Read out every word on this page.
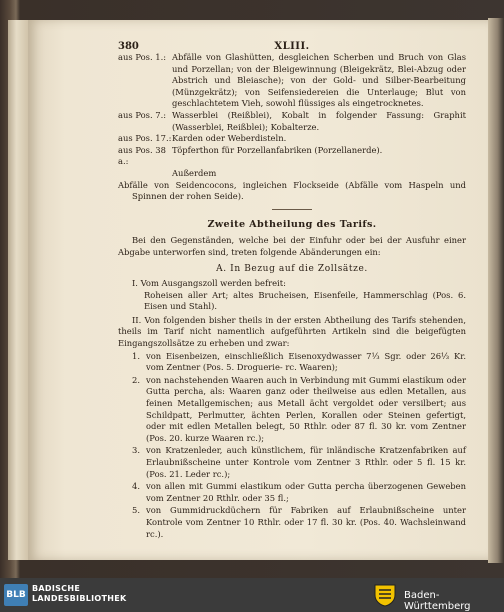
380	XLIII.
aus Pos. 1.: Abfälle von Glashütten, desgleichen Scherben und Bruch von Glas und Porzellan; von der Bleigewinnung (Bleigekrätz, Blei-Abzug oder Abstrich und Bleiasche); von der Gold- und Silber-Bearbeitung (Münzgekrätz); von Seifensiedereien die Unterlauge; Blut von geschlachtetem Vieh, sowohl flüssiges als eingetrocknetes.
aus Pos. 7.: Wasserblei (Reißblei), Kobalt in folgender Fassung: Graphit (Wasserblei, Reißblei); Kobalterze.
aus Pos. 17.: Karden oder Weberdisteln.
aus Pos. 38 a.:
Töpferthon für Porzellanfabriken (Porzellanerde).
Außerdem
Abfälle von Seidencocons, ingleichen Flockseide (Abfälle vom Haspeln und Spinnen der rohen Seide).
Zweite Abtheilung des Tarifs.
Bei den Gegenständen, welche bei der Einfuhr oder bei der Ausfuhr einer Abgabe unterworfen sind, treten folgende Abänderungen ein:
A. In Bezug auf die Zollsätze.
I. Vom Ausgangszoll werden befreit:
Roheisen aller Art; altes Brucheisen, Eisenfeile, Hammerschlag (Pos. 6. Eisen und Stahl).
II. Von folgenden bisher theils in der ersten Abtheilung des Tarifs stehenden, theils im Tarif nicht namentlich aufgeführten Artikeln sind die beigefügten Eingangszollsätze zu erheben und zwar:
1. von Eisenbeizen, einschließlich Eisenoxydwasser 7⅓ Sgr. oder 26⅓ Kr. vom Zentner (Pos. 5. Droguerie- rc. Waaren);
2. von nachstehenden Waaren auch in Verbindung mit Gummi elastikum oder Gutta percha, als: Waaren ganz oder theilweise aus edlen Metallen, aus feinen Metallgemischen; aus Metall ächt vergoldet oder versilbert; aus Schildpatt, Perlmutter, ächten Perlen, Korallen oder Steinen gefertigt, oder mit edlen Metallen belegt, 50 Rthlr. oder 87 fl. 30 kr. vom Zentner (Pos. 20. kurze Waaren rc.);
3. von Kratzenleder, auch künstlichem, für inländische Kratzenfabriken auf Erlaubnißscheine unter Kontrole vom Zentner 3 Rthlr. oder 5 fl. 15 kr. (Pos. 21. Leder rc.);
4. von allen mit Gummi elastikum oder Gutta percha überzogenen Geweben vom Zentner 20 Rthlr. oder 35 fl.;
5. von Gummidruckdüchern für Fabriken auf Erlaubnißscheine unter Kontrole vom Zentner 10 Rthlr. oder 17 fl. 30 kr. (Pos. 40. Wachsleinwand rc.).
BLB
BADISCHE
LANDESBIBLIOTHEK	Baden-Württemberg
